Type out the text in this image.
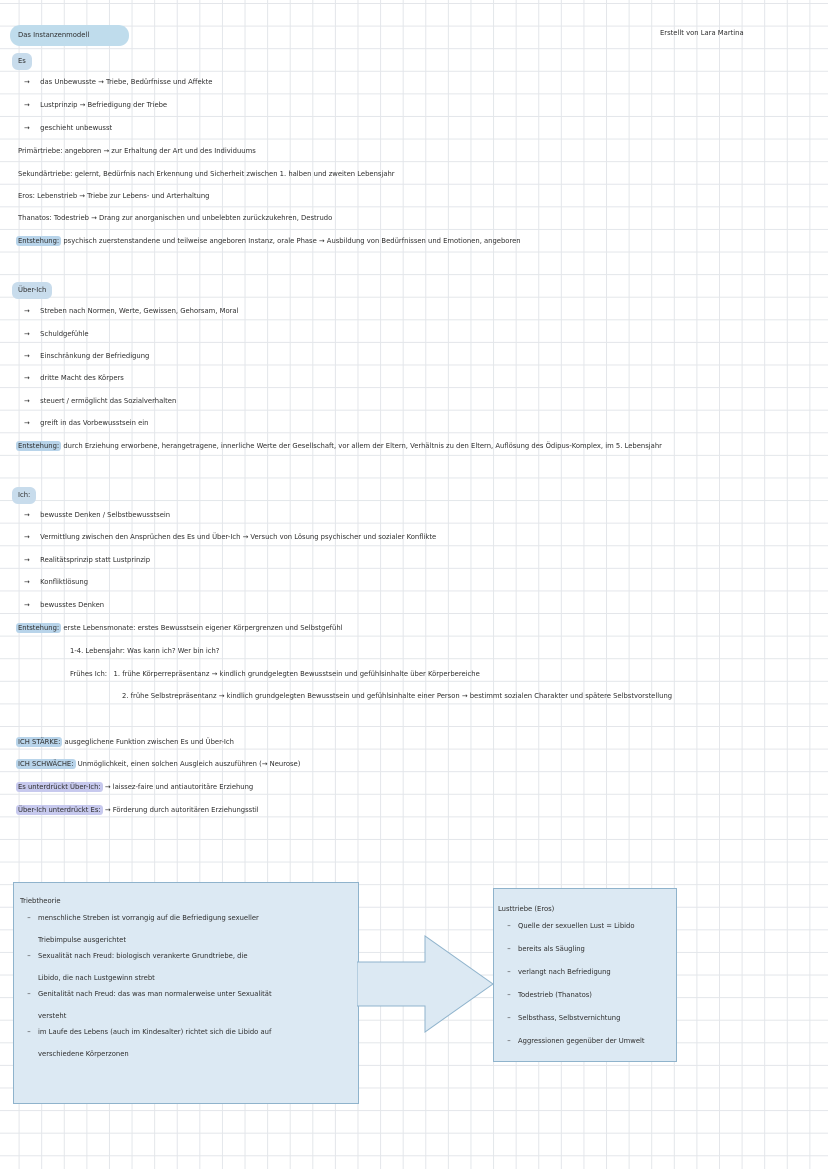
Das Instanzenmodell	Erstellt von Lara Martina
Es
→ das Unbewusste → Triebe, Bedürfnisse und Affekte
→ Lustprinzip → Befriedigung der Triebe
→ geschieht unbewusst
Primärtriebe: angeboren → zur Erhaltung der Art und des Individuums
Sekundärtriebe: gelernt, Bedürfnis nach Erkennung und Sicherheit zwischen 1. halben und zweiten Lebensjahr
Eros: Lebenstrieb → Triebe zur Lebens- und Arterhaltung
Thanatos: Todestrieb → Drang zur anorganischen und unbelebten zurückzukehren, Destrudo
Entstehung: psychisch zuerstenstandene und teilweise angeboren Instanz, orale Phase → Ausbildung von Bedürfnissen und Emotionen, angeboren
Über-Ich
→ Streben nach Normen, Werte, Gewissen, Gehorsam, Moral
→ Schuldgefühle
→ Einschränkung der Befriedigung
→ dritte Macht des Körpers
→ steuert / ermöglicht das Sozialverhalten
→ greift in das Vorbewusstsein ein
Entstehung: durch Erziehung erworbene, herangetragene, innerliche Werte der Gesellschaft, vor allem der Eltern, Verhältnis zu den Eltern, Auflösung des Ödipus-Komplex, im 5. Lebensjahr
Ich:
→ bewusste Denken / Selbstbewusstsein
→ Vermittlung zwischen den Ansprüchen des Es und Über-Ich → Versuch von Lösung psychischer und sozialer Konflikte
→ Realitätsprinzip statt Lustprinzip
→ Konfliktlösung
→ bewusstes Denken
Entstehung: erste Lebensmonate: erstes Bewusstsein eigener Körpergrenzen und Selbstgefühl
1-4. Lebensjahr: Was kann ich? Wer bin ich?
Frühes Ich: 1. frühe Körperrepräsentanz → kindlich grundgelegten Bewusstsein und gefühlsinhalte über Körperbereiche
2. frühe Selbstrepräsentanz → kindlich grundgelegten Bewusstsein und gefühlsinhalte einer Person → bestimmt sozialen Charakter und spätere Selbstvorstellung
ICH STÄRKE: ausgeglichene Funktion zwischen Es und Über-Ich
ICH SCHWÄCHE: Unmöglichkeit, einen solchen Ausgleich auszuführen (→ Neurose)
Es unterdrückt Über-Ich: → laissez-faire und antiautoritäre Erziehung
Über-Ich unterdrückt Es: → Förderung durch autoritären Erziehungsstil
Triebtheorie
–	menschliche Streben ist vorrangig auf die Befriedigung sexueller
Triebimpulse ausgerichtet
–	Sexualität nach Freud: biologisch verankerte Grundtriebe, die
Libido, die nach Lustgewinn strebt
–	Genitalität nach Freud: das was man normalerweise unter Sexualität
versteht
–	im Laufe des Lebens (auch im Kindesalter) richtet sich die Libido auf
verschiedene Körperzonen
Lusttriebe (Eros)
–	Quelle der sexuellen Lust = Libido
–	bereits als Säugling
–	verlangt nach Befriedigung
–	Todestrieb (Thanatos)
–	Selbsthass, Selbstvernichtung
–	Aggressionen gegenüber der Umwelt
